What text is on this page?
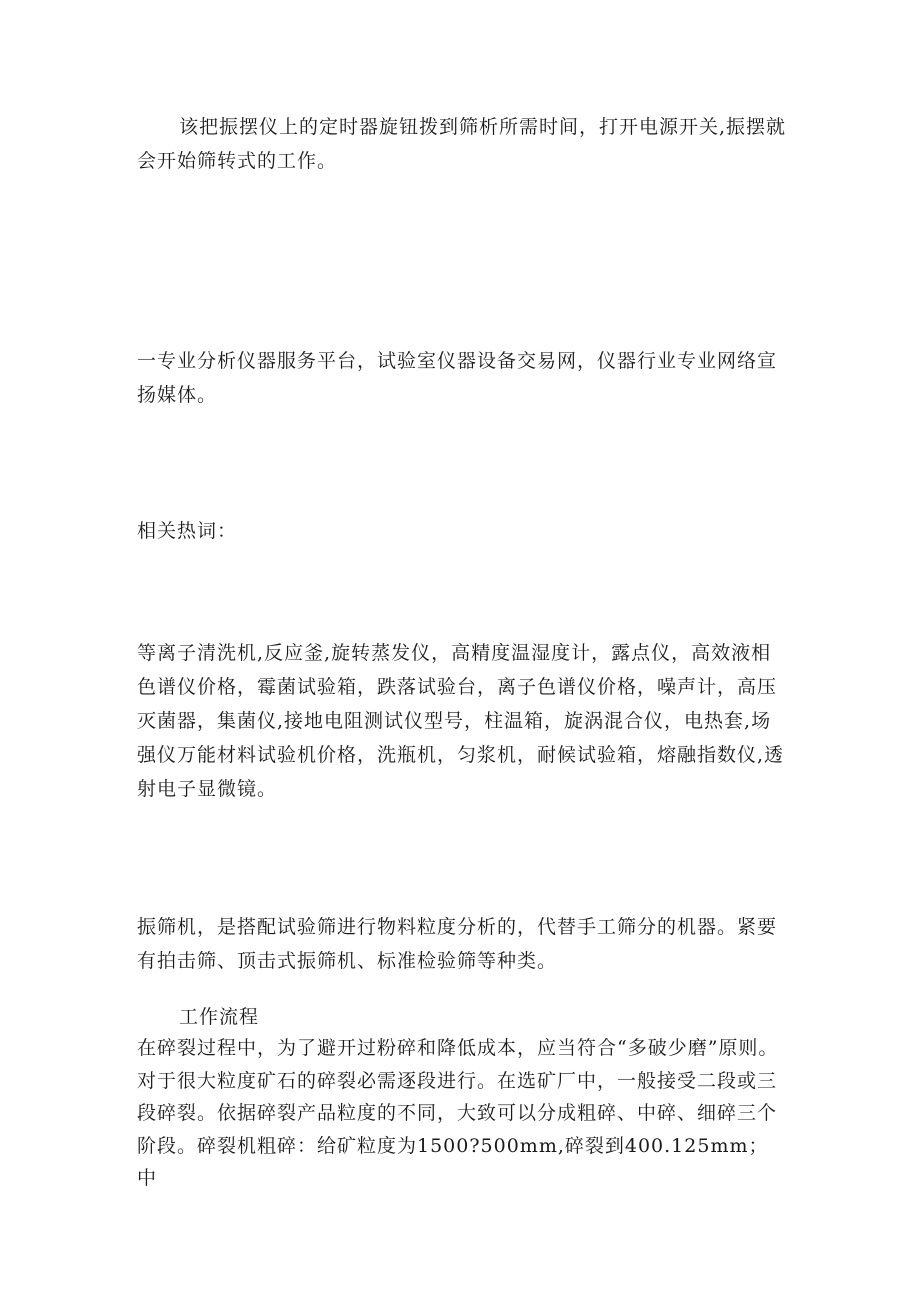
该把振摆仪上的定时器旋钮拨到筛析所需时间，打开电源开关,振摆就会开始筛转式的工作。

一专业分析仪器服务平台，试验室仪器设备交易网，仪器行业专业网络宣扬媒体。

相关热词：

等离子清洗机,反应釜,旋转蒸发仪，高精度温湿度计，露点仪，高效液相色谱仪价格，霉菌试验箱，跌落试验台，离子色谱仪价格，噪声计，高压灭菌器，集菌仪,接地电阻测试仪型号，柱温箱，旋涡混合仪，电热套,场强仪万能材料试验机价格，洗瓶机，匀浆机，耐候试验箱，熔融指数仪,透射电子显微镜。

振筛机，是搭配试验筛进行物料粒度分析的，代替手工筛分的机器。紧要有拍击筛、顶击式振筛机、标准检验筛等种类。

工作流程

在碎裂过程中，为了避开过粉碎和降低成本，应当符合“多破少磨”原则。对于很大粒度矿石的碎裂必需逐段进行。在选矿厂中，一般接受二段或三段碎裂。依据碎裂产品粒度的不同，大致可以分成粗碎、中碎、细碎三个阶段。碎裂机粗碎：给矿粒度为1500?500mm,碎裂到400.125mm；中
